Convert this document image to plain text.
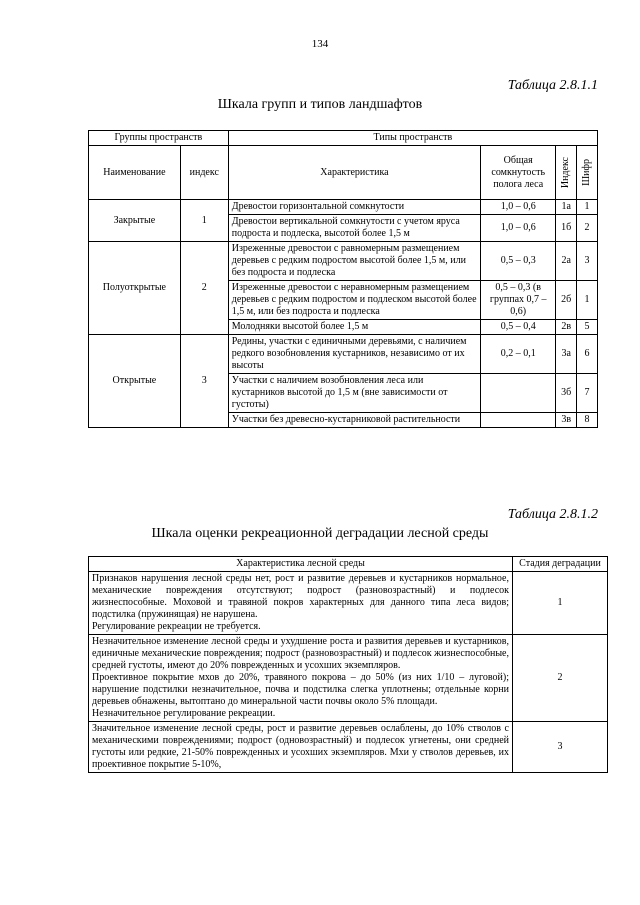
134
Таблица 2.8.1.1
Шкала групп и типов ландшафтов
Группы пространств		Типы пространств			
Наименование	индекс	Характеристика	Общая сомкнутость полога леса	Индекс	Шифр

Закрытые	1	Древостои горизонтальной сомкнутости	1,0 – 0,6	1а	1
		Древостои вертикальной сомкнутости с учетом яруса подроста и подлеска, высотой более 1,5 м	1,0 – 0,6	1б	2
Полуоткрытые	2	Изреженные древостои с равномерным размещением деревьев с редким подростом высотой более 1,5 м, или без подроста и подлеска	0,5 – 0,3	2а	3
		Изреженные древостои с неравномерным размещением деревьев с редким подростом и подлеском высотой более 1,5 м, или без подроста и подлеска	0,5 – 0,3 (в группах 0,7 – 0,6)	2б	1
		Молодняки высотой более 1,5 м	0,5 – 0,4	2в	5
Открытые	3	Редины, участки с единичными деревьями, с наличием редкого возобновления кустарников, независимо от их высоты	0,2 – 0,1	3а	6
		Участки с наличием возобновления леса или кустарников высотой до 1,5 м (вне зависимости от густоты)		3б	7
		Участки без древесно-кустарниковой растительности		3в	8
Таблица 2.8.1.2
Шкала оценки рекреационной деградации лесной среды
Характеристика лесной среды	Стадия деградации

Признаков нарушения лесной среды нет, рост и развитие деревьев и кустарников нормальное, механические повреждения отсутствуют; подрост (разновозрастный) и подлесок жизнеспособные. Моховой и травяной покров характерных для данного типа леса видов; подстилка (пружинящая) не нарушена.
Регулирование рекреации не требуется.	1

Незначительное изменение лесной среды и ухудшение роста и развития деревьев и кустарников, единичные механические повреждения; подрост (разновозрастный) и подлесок жизнеспособные, средней густоты, имеют до 20% поврежденных и усохших экземпляров.
Проективное покрытие мхов до 20%, травяного покрова – до 50% (из них 1/10 – луговой); нарушение подстилки незначительное, почва и подстилка слегка уплотнены; отдельные корни деревьев обнажены, вытоптано до минеральной части почвы около 5% площади.
Незначительное регулирование рекреации.	2

Значительное изменение лесной среды, рост и развитие деревьев ослаблены, до 10% стволов с механическими повреждениями; подрост (одновозрастный) и подлесок угнетены, они средней густоты или редкие, 21-50% поврежденных и усохших экземпляров. Мхи у стволов деревьев, их проективное покрытие 5-10%,	3
